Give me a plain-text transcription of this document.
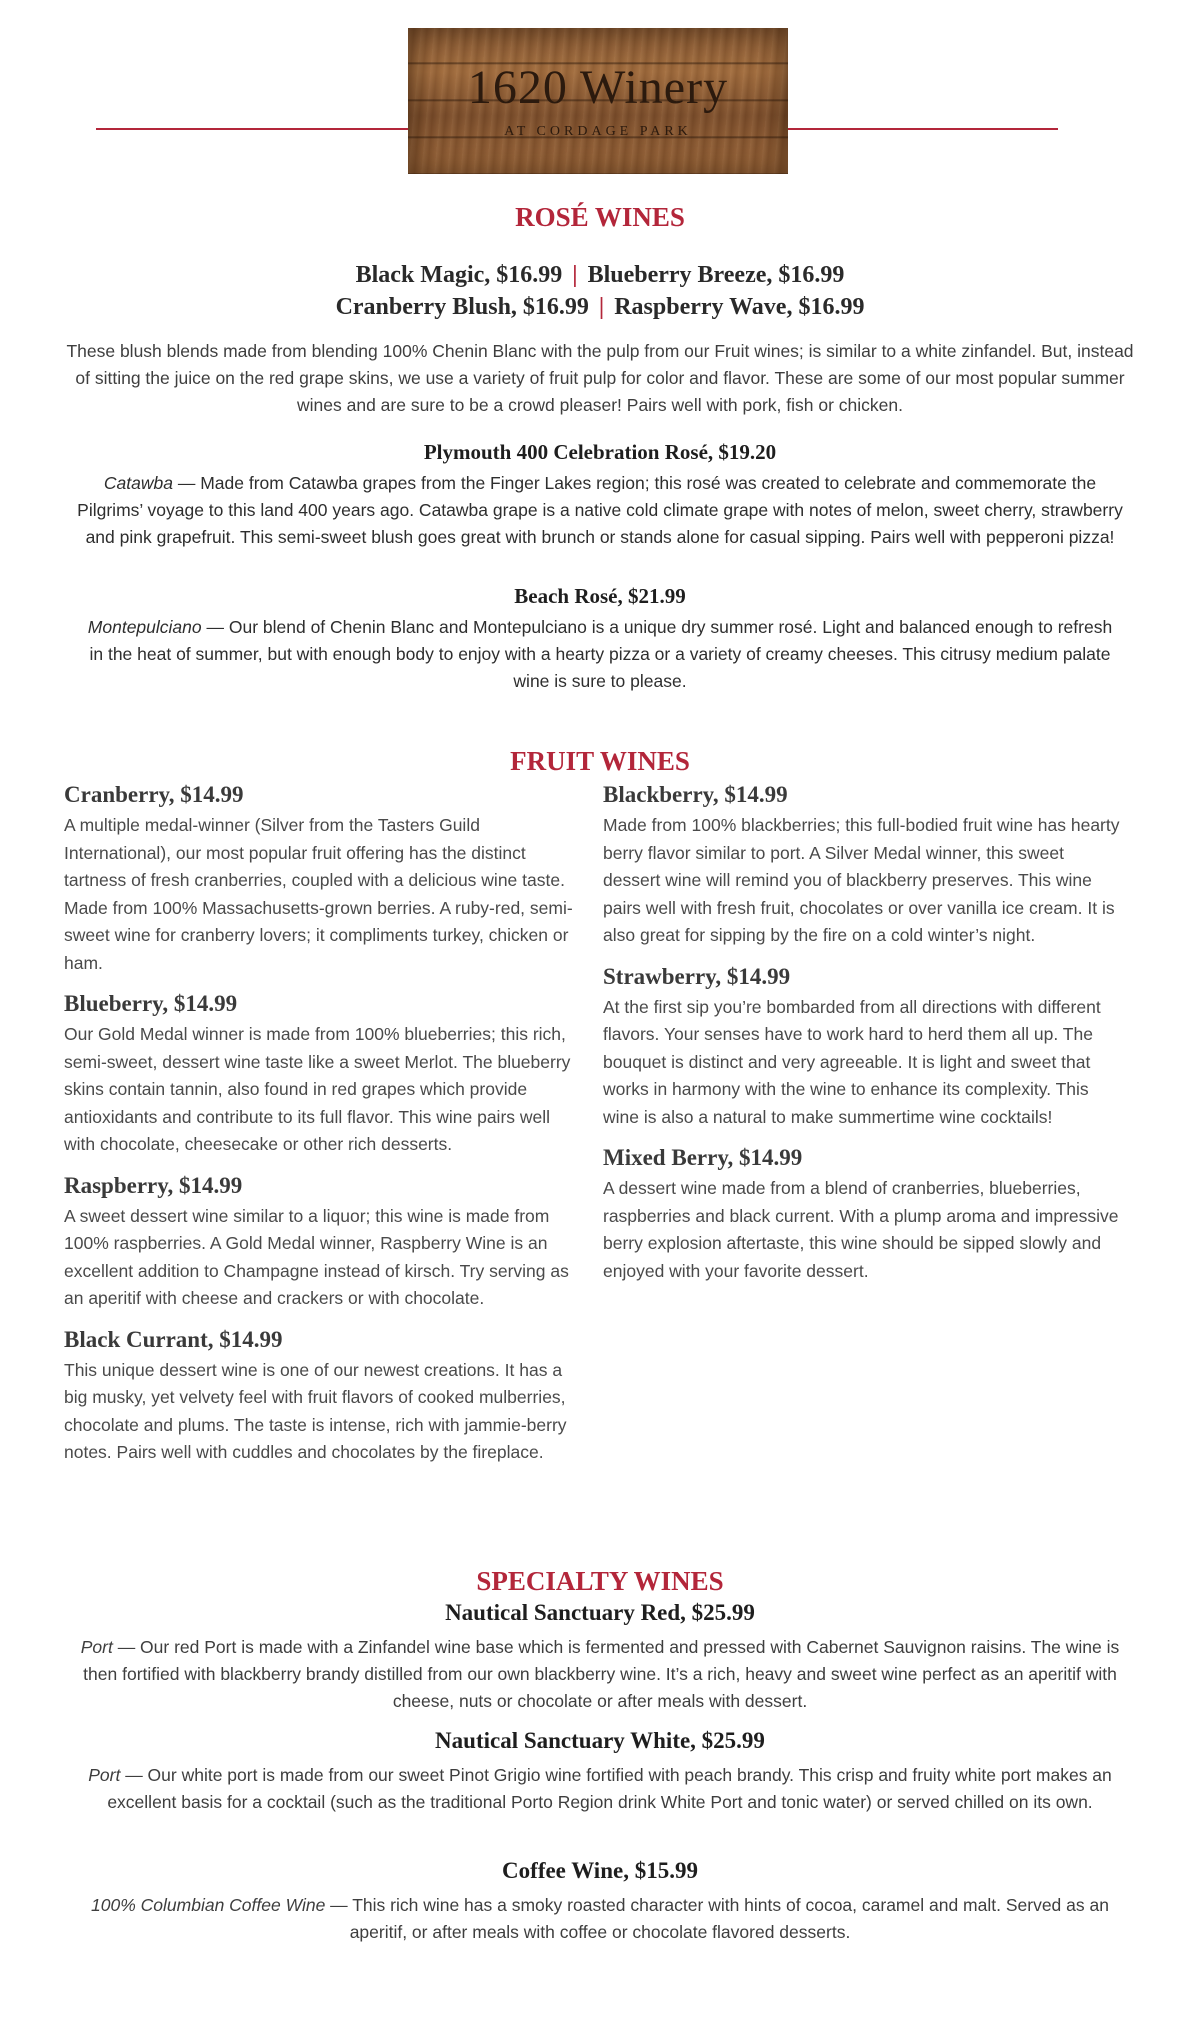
1620 Winery
AT CORDAGE PARK
ROSÉ WINES
Black Magic, $16.99 | Blueberry Breeze, $16.99
Cranberry Blush, $16.99 | Raspberry Wave, $16.99
These blush blends made from blending 100% Chenin Blanc with the pulp from our Fruit wines; is similar to a white zinfandel. But, instead of sitting the juice on the red grape skins, we use a variety of fruit pulp for color and flavor. These are some of our most popular summer wines and are sure to be a crowd pleaser! Pairs well with pork, fish or chicken.
Plymouth 400 Celebration Rosé, $19.20
Catawba — Made from Catawba grapes from the Finger Lakes region; this rosé was created to celebrate and commemorate the Pilgrims’ voyage to this land 400 years ago. Catawba grape is a native cold climate grape with notes of melon, sweet cherry, strawberry and pink grapefruit. This semi-sweet blush goes great with brunch or stands alone for casual sipping. Pairs well with pepperoni pizza!
Beach Rosé, $21.99
Montepulciano — Our blend of Chenin Blanc and Montepulciano is a unique dry summer rosé. Light and balanced enough to refresh in the heat of summer, but with enough body to enjoy with a hearty pizza or a variety of creamy cheeses. This citrusy medium palate wine is sure to please.
FRUIT WINES
Cranberry, $14.99

A multiple medal-winner (Silver from the Tasters Guild International), our most popular fruit offering has the distinct tartness of fresh cranberries, coupled with a delicious wine taste. Made from 100% Massachusetts-grown berries. A ruby-red, semi-sweet wine for cranberry lovers; it compliments turkey, chicken or ham.

Blueberry, $14.99

Our Gold Medal winner is made from 100% blueberries; this rich, semi-sweet, dessert wine taste like a sweet Merlot. The blueberry skins contain tannin, also found in red grapes which provide antioxidants and contribute to its full flavor. This wine pairs well with chocolate, cheesecake or other rich desserts.

Raspberry, $14.99

A sweet dessert wine similar to a liquor; this wine is made from 100% raspberries. A Gold Medal winner, Raspberry Wine is an excellent addition to Champagne instead of kirsch. Try serving as an aperitif with cheese and crackers or with chocolate.

Black Currant, $14.99

This unique dessert wine is one of our newest creations. It has a big musky, yet velvety feel with fruit flavors of cooked mulberries, chocolate and plums. The taste is intense, rich with jammie-berry notes. Pairs well with cuddles and chocolates by the fireplace.

Blackberry, $14.99

Made from 100% blackberries; this full-bodied fruit wine has hearty berry flavor similar to port. A Silver Medal winner, this sweet dessert wine will remind you of blackberry preserves. This wine pairs well with fresh fruit, chocolates or over vanilla ice cream. It is also great for sipping by the fire on a cold winter’s night.

Strawberry, $14.99

At the first sip you’re bombarded from all directions with different flavors. Your senses have to work hard to herd them all up. The bouquet is distinct and very agreeable. It is light and sweet that works in harmony with the wine to enhance its complexity. This wine is also a natural to make summertime wine cocktails!

Mixed Berry, $14.99

A dessert wine made from a blend of cranberries, blueberries, raspberries and black current. With a plump aroma and impressive berry explosion aftertaste, this wine should be sipped slowly and enjoyed with your favorite dessert.

SPECIALTY WINES
Nautical Sanctuary Red, $25.99
Port — Our red Port is made with a Zinfandel wine base which is fermented and pressed with Cabernet Sauvignon raisins. The wine is then fortified with blackberry brandy distilled from our own blackberry wine. It’s a rich, heavy and sweet wine perfect as an aperitif with cheese, nuts or chocolate or after meals with dessert.
Nautical Sanctuary White, $25.99
Port — Our white port is made from our sweet Pinot Grigio wine fortified with peach brandy. This crisp and fruity white port makes an excellent basis for a cocktail (such as the traditional Porto Region drink White Port and tonic water) or served chilled on its own.
Coffee Wine, $15.99
100% Columbian Coffee Wine — This rich wine has a smoky roasted character with hints of cocoa, caramel and malt. Served as an aperitif, or after meals with coffee or chocolate flavored desserts.
